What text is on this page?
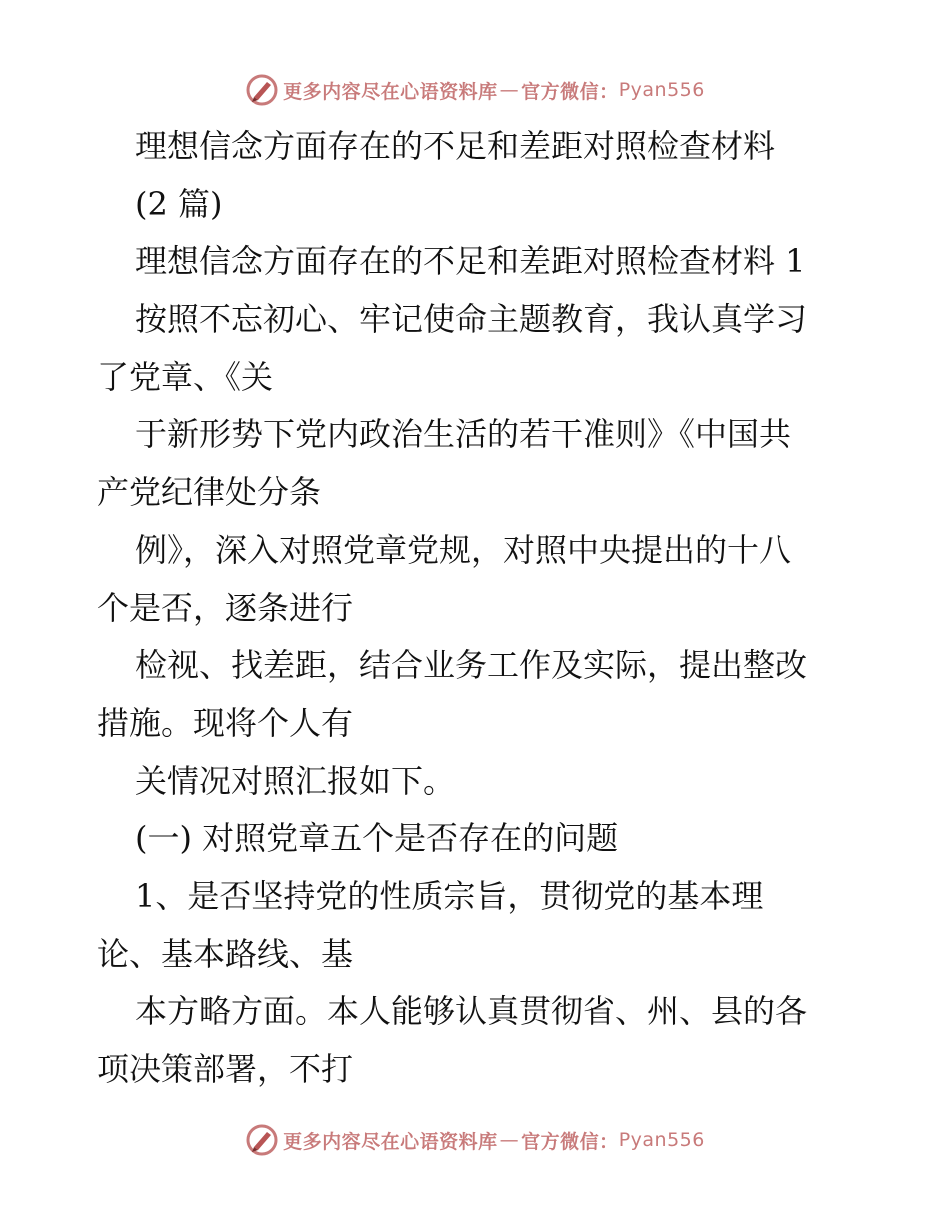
更多内容尽在心语资料库 — 官方微信： Pyan556
理想信念方面存在的不足和差距对照检查材料
(2 篇)
理想信念方面存在的不足和差距对照检查材料 1
按照不忘初心、牢记使命主题教育，我认真学习
了党章、《关
于新形势下党内政治生活的若干准则》《中国共
产党纪律处分条
例》，深入对照党章党规，对照中央提出的十八
个是否，逐条进行
检视、找差距，结合业务工作及实际，提出整改
措施。现将个人有
关情况对照汇报如下。
(一) 对照党章五个是否存在的问题
1、是否坚持党的性质宗旨，贯彻党的基本理
论、基本路线、基
本方略方面。本人能够认真贯彻省、州、县的各
项决策部署，不打
更多内容尽在心语资料库 — 官方微信： Pyan556
